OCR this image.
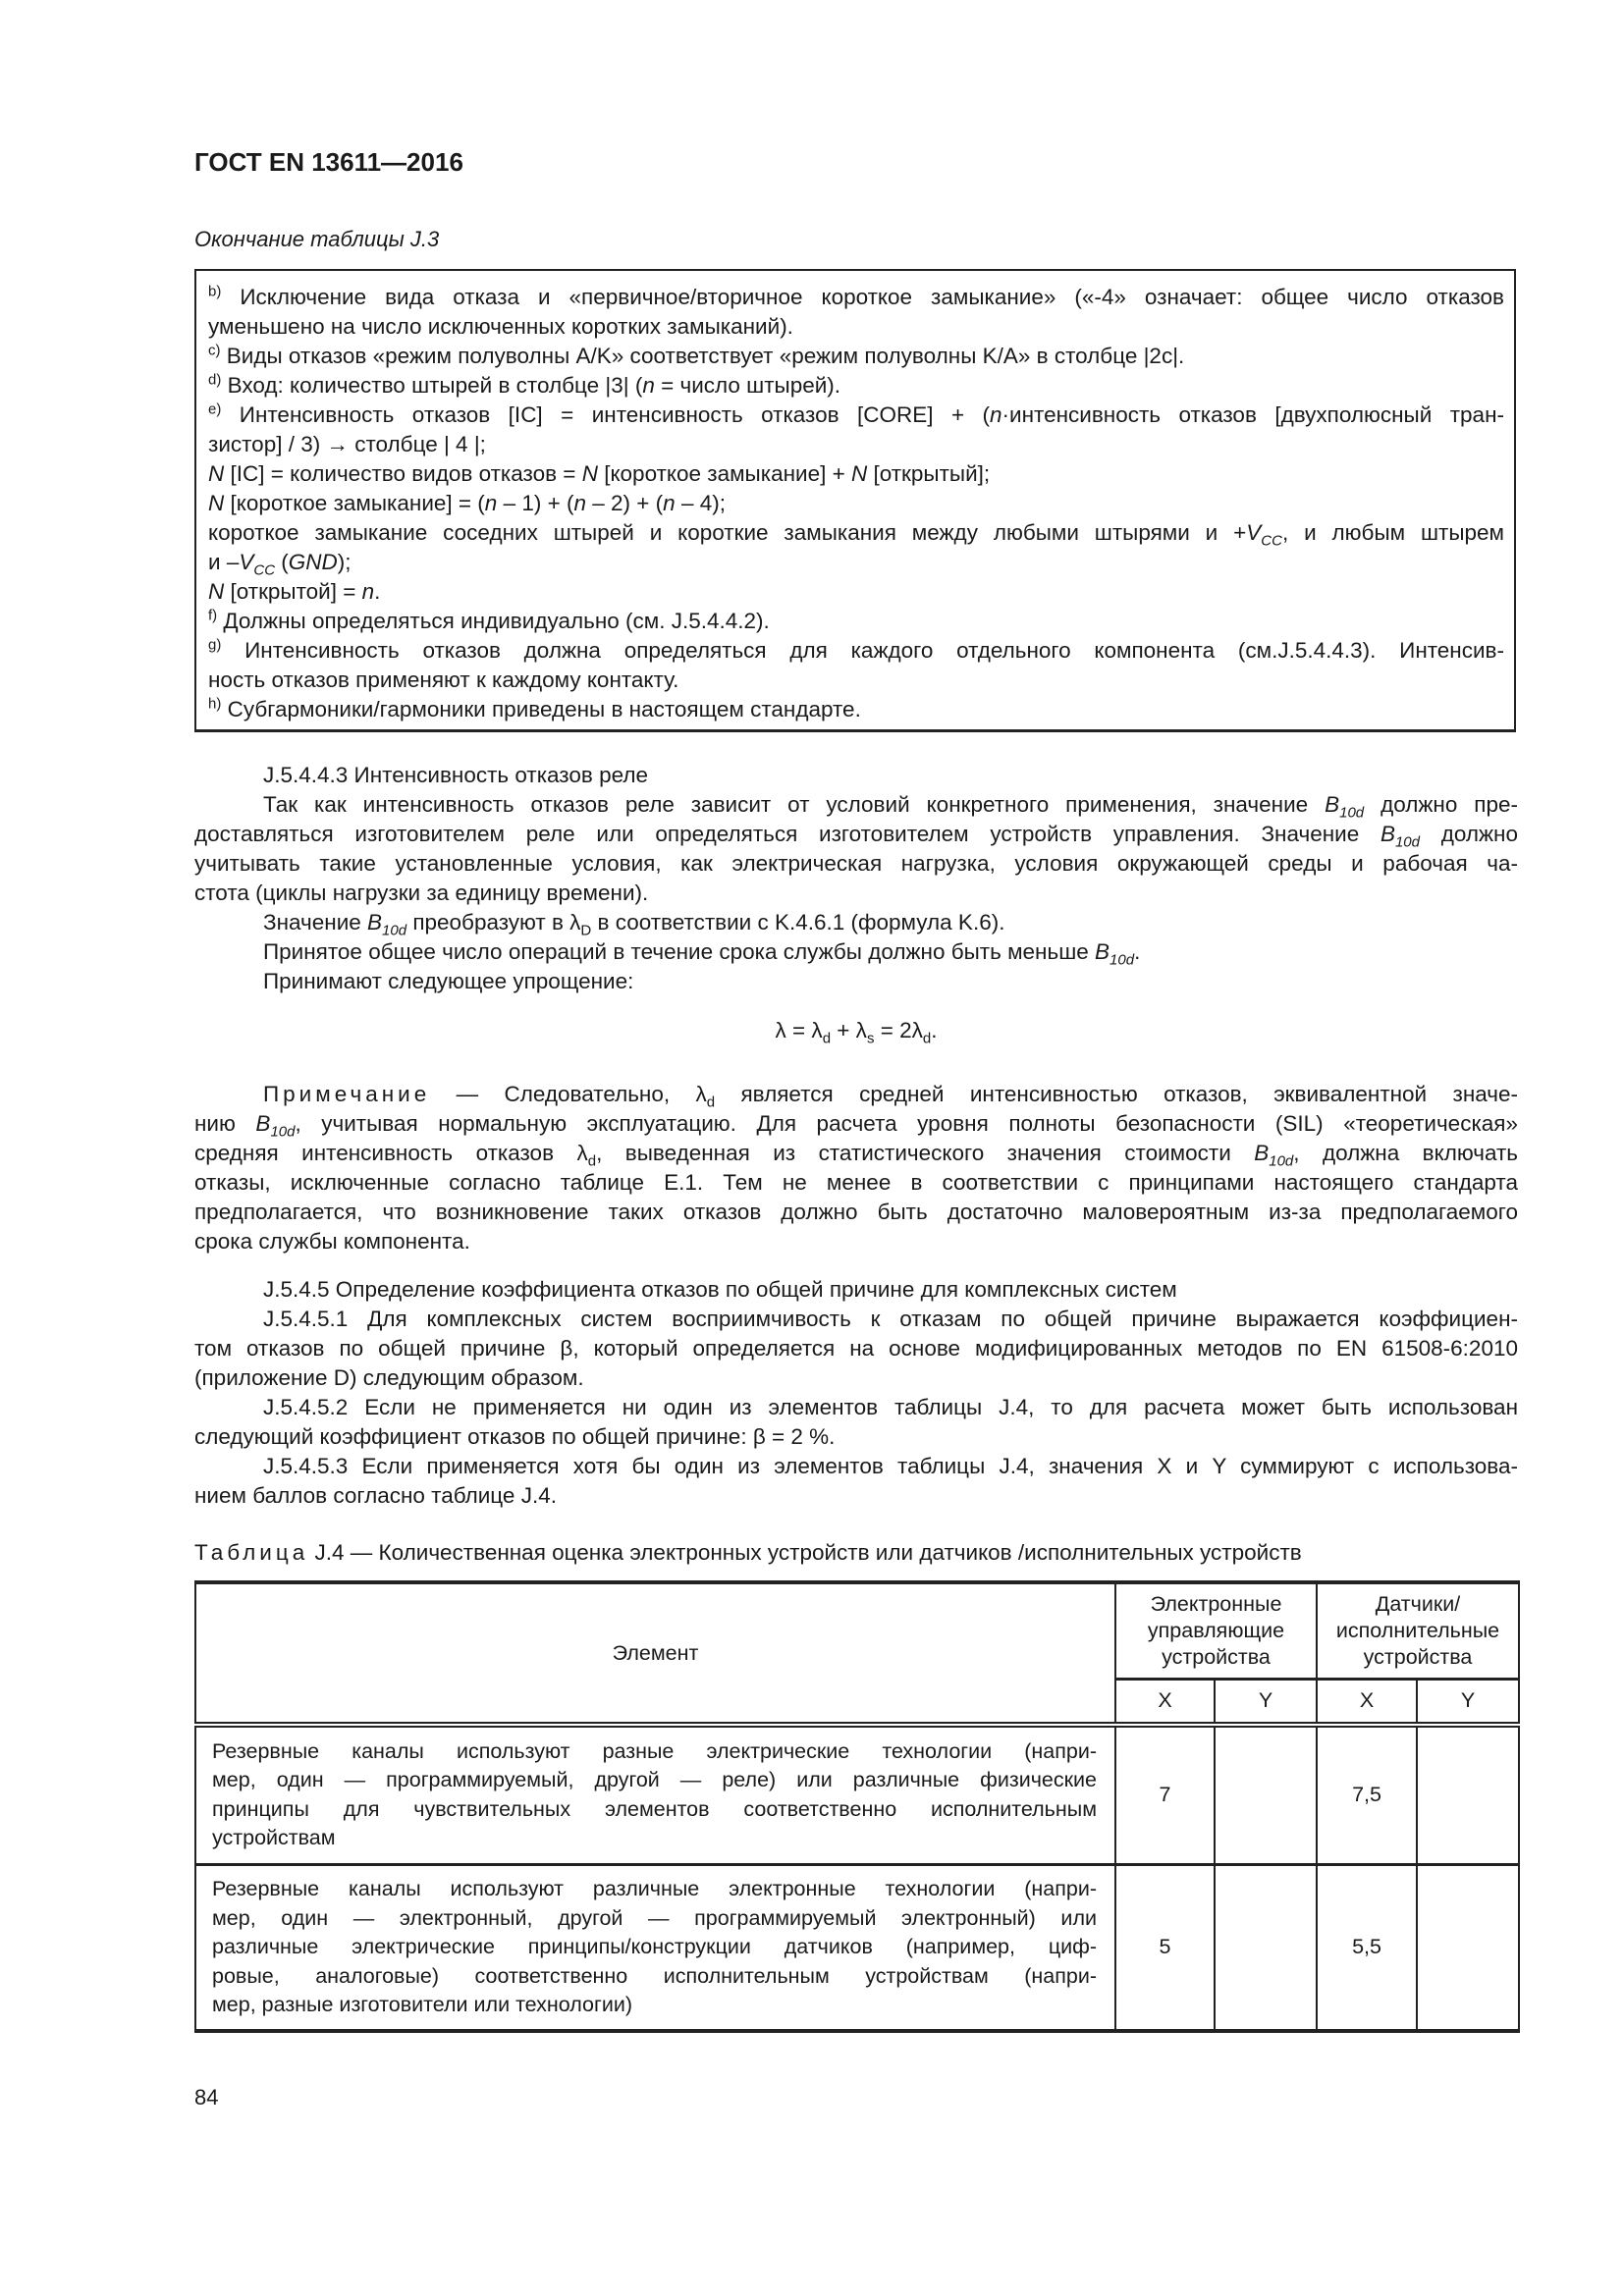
ГОСТ EN 13611—2016
Окончание таблицы J.3
$^{b)}$ Исключение вида отказа и «первичное/вторичное короткое замыкание» («-4» означает: общее число отказов
уменьшено на число исключенных коротких замыканий).
$^{c)}$ Виды отказов «режим полуволны A/K» соответствует «режим полуволны K/A» в столбце |2c|.
$^{d)}$ Вход: количество штырей в столбце |3| (n = число штырей).
$^{e)}$ Интенсивность отказов [IC] = интенсивность отказов [CORE] + (n·интенсивность отказов [двухполюсный тран-
зистор] / 3) → столбце | 4 |;
N [IC] = количество видов отказов = N [короткое замыкание] + N [открытый];
N [короткое замыкание] = (n – 1) + (n – 2) + (n – 4);
короткое замыкание соседних штырей и короткие замыкания между любыми штырями $и +V_{CC}$, и любым штырем
и $-V_{CC}$ (GND);
N [открытой] = n.
$^{f)}$ Должны определяться индивидуально (см. J.5.4.4.2).
$^{g)}$ Интенсивность отказов должна определяться для каждого отдельного компонента (см.J.5.4.4.3). Интенсив-
ность отказов применяют к каждому контакту.
$^{h)}$ Субгармоники/гармоники приведены в настоящем стандарте.
J.5.4.4.3 Интенсивность отказов реле
Так как интенсивность отказов реле зависит от условий конкретного применения, значение $B_{10d}$ должно пре-
доставляться изготовителем реле или определяться изготовителем устройств управления. Значение $B_{10d}$ должно
учитывать такие установленные условия, как электрическая нагрузка, условия окружающей среды и рабочая ча-
стота (циклы нагрузки за единицу времени).
Значение $B_{10d}$ преобразуют в $\lambda_D$ в соответствии с K.4.6.1 (формула K.6).
Принятое общее число операций в течение срока службы должно быть меньше $B_{10d}$.
Принимают следующее упрощение:
$\lambda = \lambda_d + \lambda_s = 2\lambda_d$.
Примечание — Следовательно, $\lambda_d$ является средней интенсивностью отказов, эквивалентной значе-
нию $B_{10d}$, учитывая нормальную эксплуатацию. Для расчета уровня полноты безопасности (SIL) «теоретическая»
средняя интенсивность отказов $\lambda_d$, выведенная из статистического значения стоимости $B_{10d}$, должна включать
отказы, исключенные согласно таблице E.1. Тем не менее в соответствии с принципами настоящего стандарта
предполагается, что возникновение таких отказов должно быть достаточно маловероятным из-за предполагаемого
срока службы компонента.
J.5.4.5 Определение коэффициента отказов по общей причине для комплексных систем
J.5.4.5.1 Для комплексных систем восприимчивость к отказам по общей причине выражается коэффициен-
том отказов по общей причине β, который определяется на основе модифицированных методов по EN 61508-6:2010
(приложение D) следующим образом.
J.5.4.5.2 Если не применяется ни один из элементов таблицы J.4, то для расчета может быть использован
следующий коэффициент отказов по общей причине: β = 2 %.
J.5.4.5.3 Если применяется хотя бы один из элементов таблицы J.4, значения X и Y суммируют с использова-
нием баллов согласно таблице J.4.
Таблица J.4 — Количественная оценка электронных устройств или датчиков /исполнительных устройств
Элемент	Электронные управляющие устройства		Датчики/ исполнительные устройства	
	X	Y	X	Y

Резервные каналы используют разные электрические технологии (напри-
мер, один — программируемый, другой — реле) или различные физические
принципы для чувствительных элементов соответственно исполнительным
устройствам	7		7,5	

Резервные каналы используют различные электронные технологии (напри-
мер, один — электронный, другой — программируемый электронный) или
различные электрические принципы/конструкции датчиков (например, циф-
ровые, аналоговые) соответственно исполнительным устройствам (напри-
мер, разные изготовители или технологии)	5		5,5	
84
